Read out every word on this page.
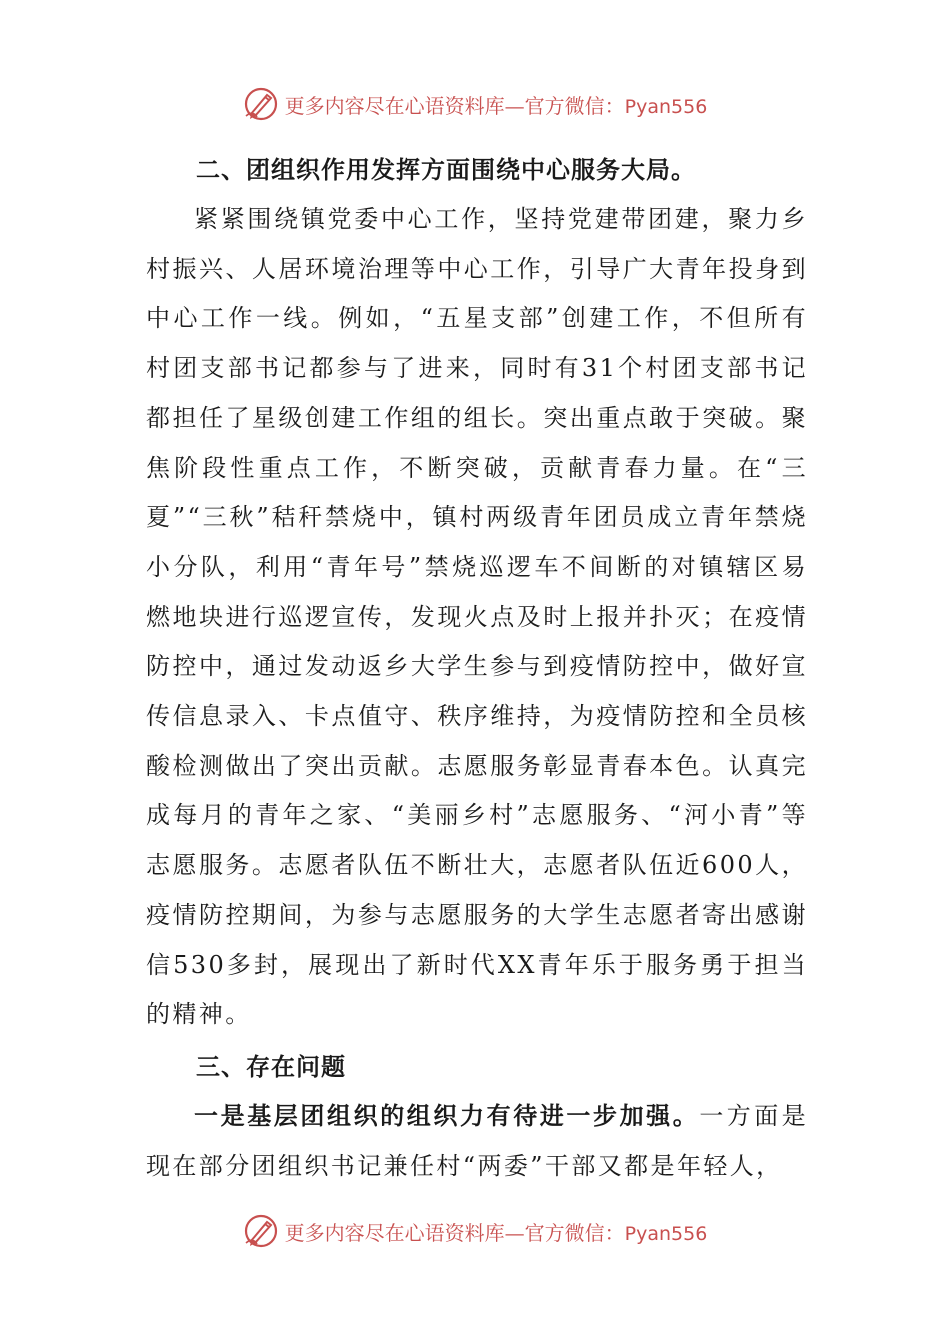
更多内容尽在心语资料库—官方微信：Pyan556
二、团组织作用发挥方面围绕中心服务大局。

紧紧围绕镇党委中心工作，坚持党建带团建，聚力乡村振兴、人居环境治理等中心工作，引导广大青年投身到中心工作一线。例如，“五星支部”创建工作，不但所有村团支部书记都参与了进来，同时有31个村团支部书记都担任了星级创建工作组的组长。突出重点敢于突破。聚焦阶段性重点工作，不断突破，贡献青春力量。在“三夏”“三秋”秸秆禁烧中，镇村两级青年团员成立青年禁烧小分队，利用“青年号”禁烧巡逻车不间断的对镇辖区易燃地块进行巡逻宣传，发现火点及时上报并扑灭；在疫情防控中，通过发动返乡大学生参与到疫情防控中，做好宣传信息录入、卡点值守、秩序维持，为疫情防控和全员核酸检测做出了突出贡献。志愿服务彰显青春本色。认真完成每月的青年之家、“美丽乡村”志愿服务、“河小青”等志愿服务。志愿者队伍不断壮大，志愿者队伍近600人，疫情防控期间，为参与志愿服务的大学生志愿者寄出感谢信530多封，展现出了新时代XX青年乐于服务勇于担当的精神。

三、存在问题

一是基层团组织的组织力有待进一步加强。一方面是现在部分团组织书记兼任村“两委”干部又都是年轻人，

更多内容尽在心语资料库—官方微信：Pyan556
